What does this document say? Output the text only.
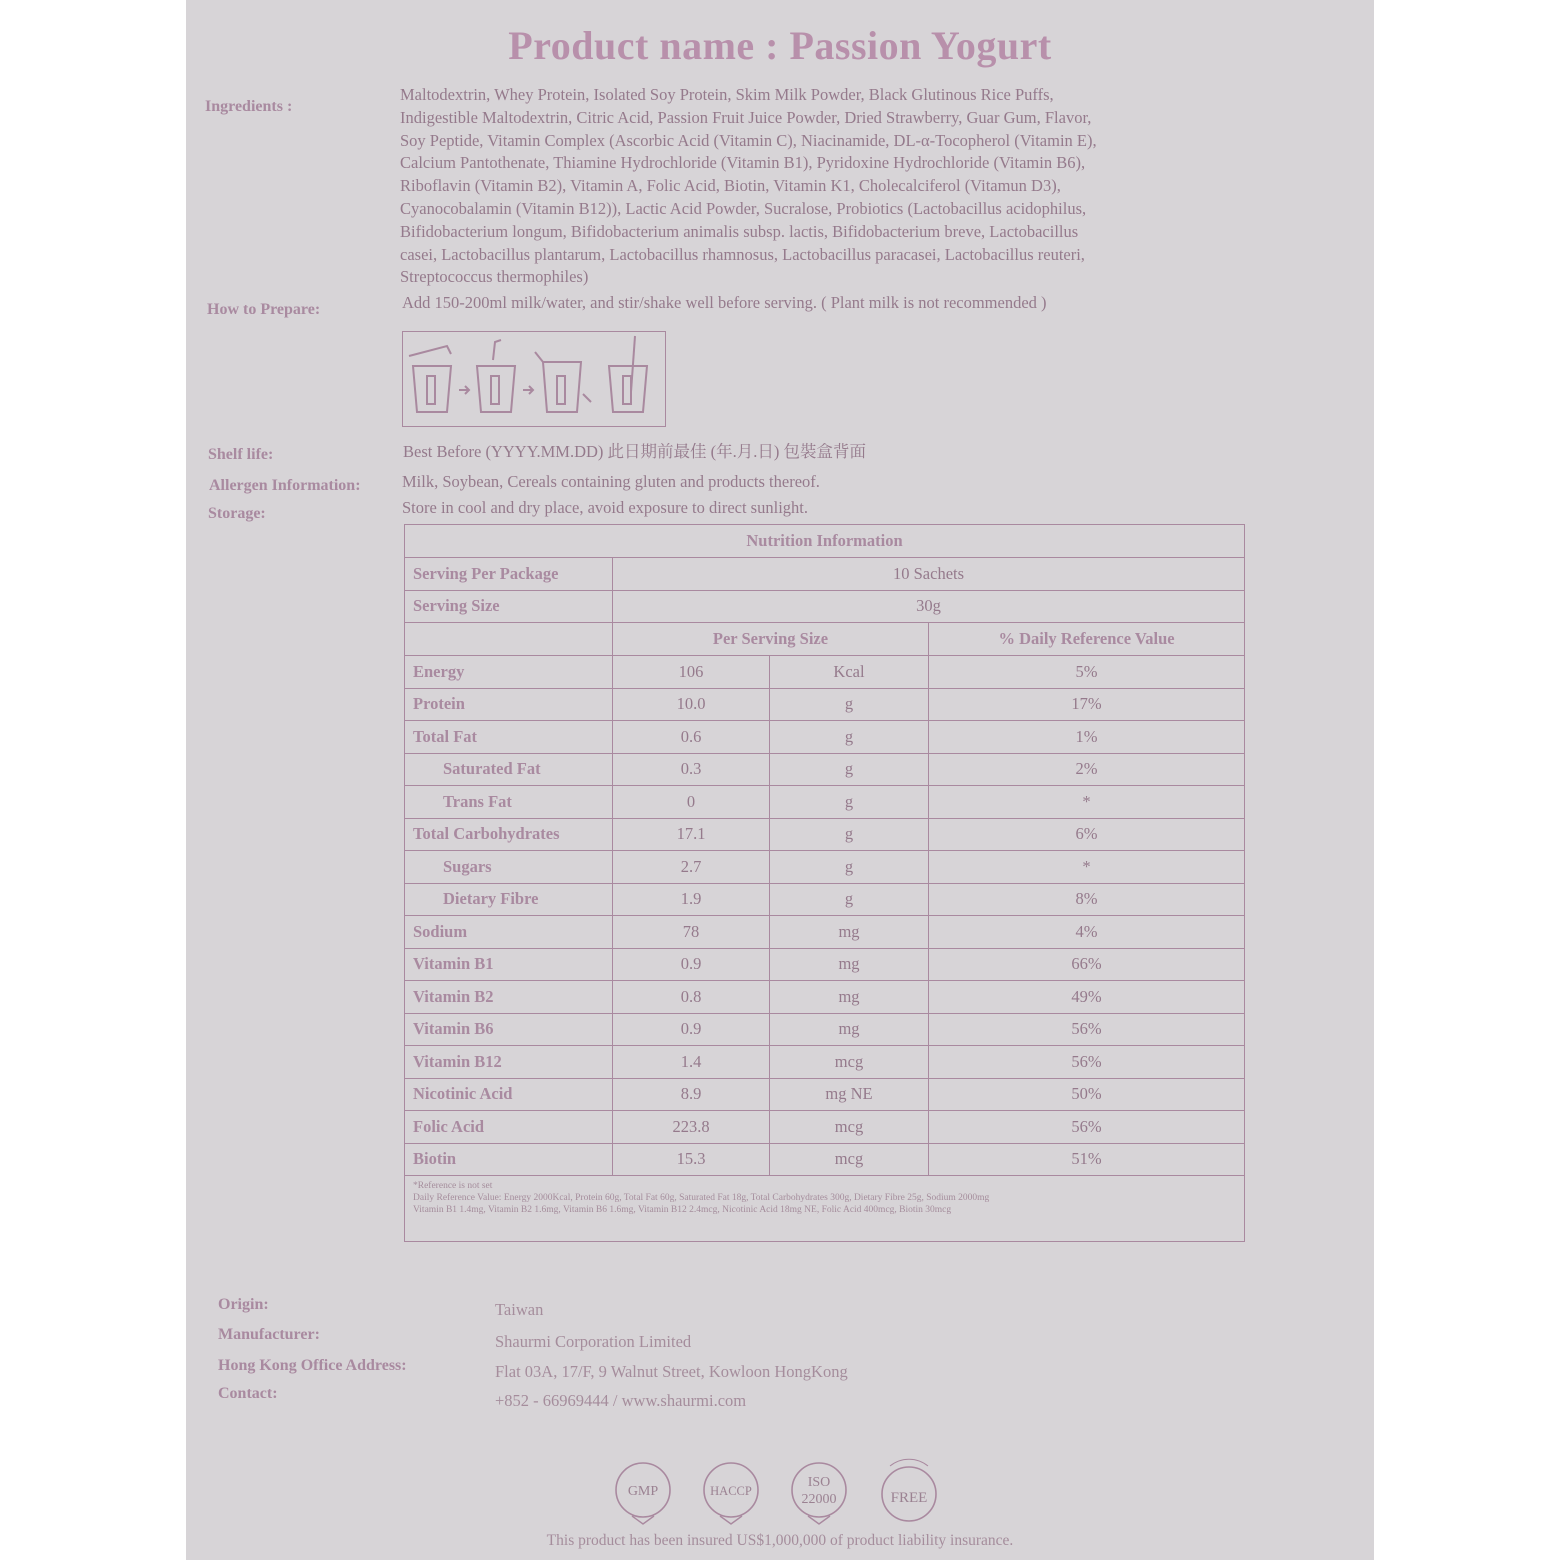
Product name : Passion Yogurt
Ingredients :
Maltodextrin, Whey Protein, Isolated Soy Protein, Skim Milk Powder, Black Glutinous Rice Puffs,
Indigestible Maltodextrin, Citric Acid, Passion Fruit Juice Powder, Dried Strawberry, Guar Gum, Flavor,
Soy Peptide, Vitamin Complex (Ascorbic Acid (Vitamin C), Niacinamide, DL-α-Tocopherol (Vitamin E),
Calcium Pantothenate, Thiamine Hydrochloride (Vitamin B1), Pyridoxine Hydrochloride (Vitamin B6),
Riboflavin (Vitamin B2), Vitamin A, Folic Acid, Biotin, Vitamin K1, Cholecalciferol (Vitamun D3),
Cyanocobalamin (Vitamin B12)), Lactic Acid Powder, Sucralose, Probiotics (Lactobacillus acidophilus,
Bifidobacterium longum, Bifidobacterium animalis subsp. lactis, Bifidobacterium breve, Lactobacillus
casei, Lactobacillus plantarum, Lactobacillus rhamnosus, Lactobacillus paracasei, Lactobacillus reuteri,
Streptococcus thermophiles)
How to Prepare:	Add 150-200ml milk/water, and stir/shake well before serving. ( Plant milk is not recommended )
Shelf life:	Best Before (YYYY.MM.DD) 此日期前最佳 (年.月.日) 包裝盒背面
Allergen Information:	Milk, Soybean, Cereals containing gluten and products thereof.
Storage:	Store in cool and dry place, avoid exposure to direct sunlight.
Nutrition Information			
Serving Per Package	10 Sachets		
Serving Size	30g		
	Per Serving Size		% Daily Reference Value
Energy	106	Kcal	5%
Protein	10.0	g	17%
Total Fat	0.6	g	1%
Saturated Fat	0.3	g	2%
Trans Fat	0	g	*
Total Carbohydrates	17.1	g	6%
Sugars	2.7	g	*
Dietary Fibre	1.9	g	8%
Sodium	78	mg	4%
Vitamin B1	0.9	mg	66%
Vitamin B2	0.8	mg	49%
Vitamin B6	0.9	mg	56%
Vitamin B12	1.4	mcg	56%
Nicotinic Acid	8.9	mg NE	50%
Folic Acid	223.8	mcg	56%
Biotin	15.3	mcg	51%

*Reference is not set
Daily Reference Value: Energy 2000Kcal, Protein 60g, Total Fat 60g, Saturated Fat 18g, Total Carbohydrates 300g, Dietary Fibre 25g, Sodium 2000mg
Vitamin B1 1.4mg, Vitamin B2 1.6mg, Vitamin B6 1.6mg, Vitamin B12 2.4mcg, Nicotinic Acid 18mg NE, Folic Acid 400mcg, Biotin 30mcg			
Origin:	Taiwan
Manufacturer:	Shaurmi Corporation Limited
Hong Kong Office Address:	Flat 03A, 17/F, 9 Walnut Street, Kowloon HongKong
Contact:	+852 - 66969444 / www.shaurmi.com
GMP	HACCP
ISO
22000	FREE
This product has been insured US$1,000,000 of product liability insurance.
